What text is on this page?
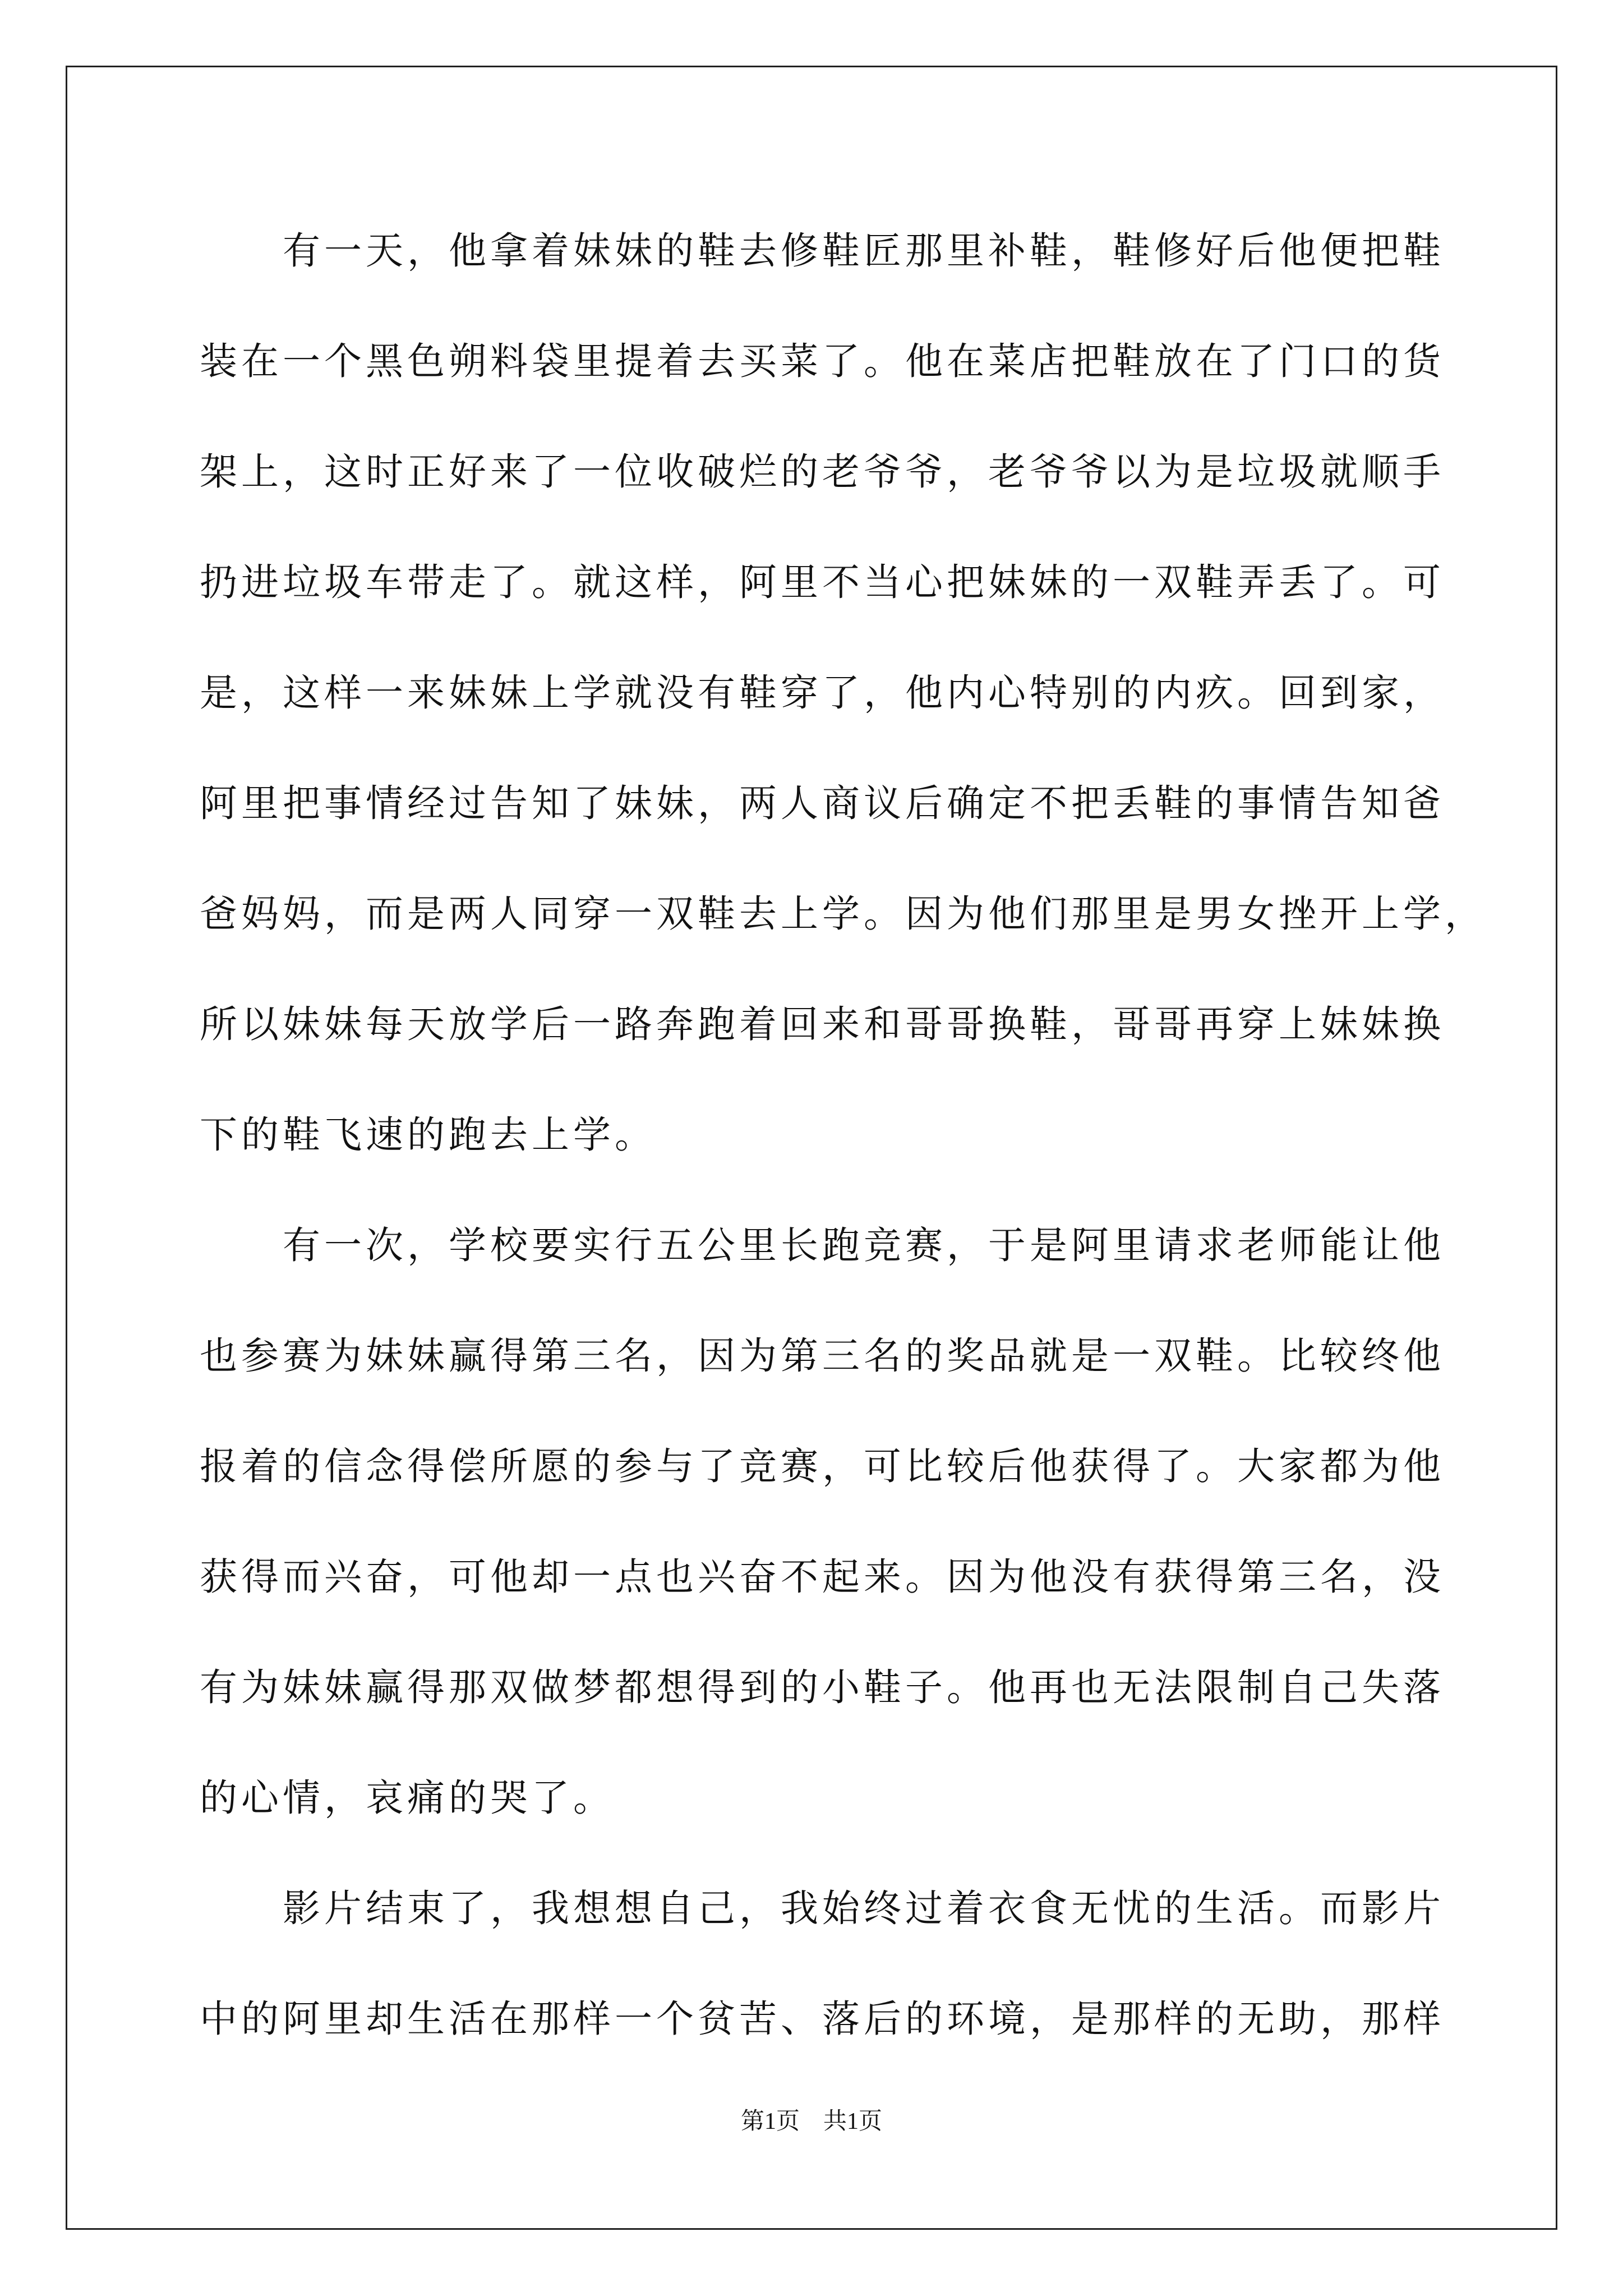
　　有一天，他拿着妹妹的鞋去修鞋匠那里补鞋，鞋修好后他便把鞋
装在一个黑色朔料袋里提着去买菜了。他在菜店把鞋放在了门口的货
架上，这时正好来了一位收破烂的老爷爷，老爷爷以为是垃圾就顺手
扔进垃圾车带走了。就这样，阿里不当心把妹妹的一双鞋弄丢了。可
是，这样一来妹妹上学就没有鞋穿了，他内心特别的内疚。回到家，
阿里把事情经过告知了妹妹，两人商议后确定不把丢鞋的事情告知爸
爸妈妈，而是两人同穿一双鞋去上学。因为他们那里是男女挫开上学，
所以妹妹每天放学后一路奔跑着回来和哥哥换鞋，哥哥再穿上妹妹换
下的鞋飞速的跑去上学。
　　有一次，学校要实行五公里长跑竞赛，于是阿里请求老师能让他
也参赛为妹妹赢得第三名，因为第三名的奖品就是一双鞋。比较终他
报着的信念得偿所愿的参与了竞赛，可比较后他获得了。大家都为他
获得而兴奋，可他却一点也兴奋不起来。因为他没有获得第三名，没
有为妹妹赢得那双做梦都想得到的小鞋子。他再也无法限制自己失落
的心情，哀痛的哭了。
　　影片结束了，我想想自己，我始终过着衣食无忧的生活。而影片
中的阿里却生活在那样一个贫苦、落后的环境，是那样的无助，那样
第1页　共1页
